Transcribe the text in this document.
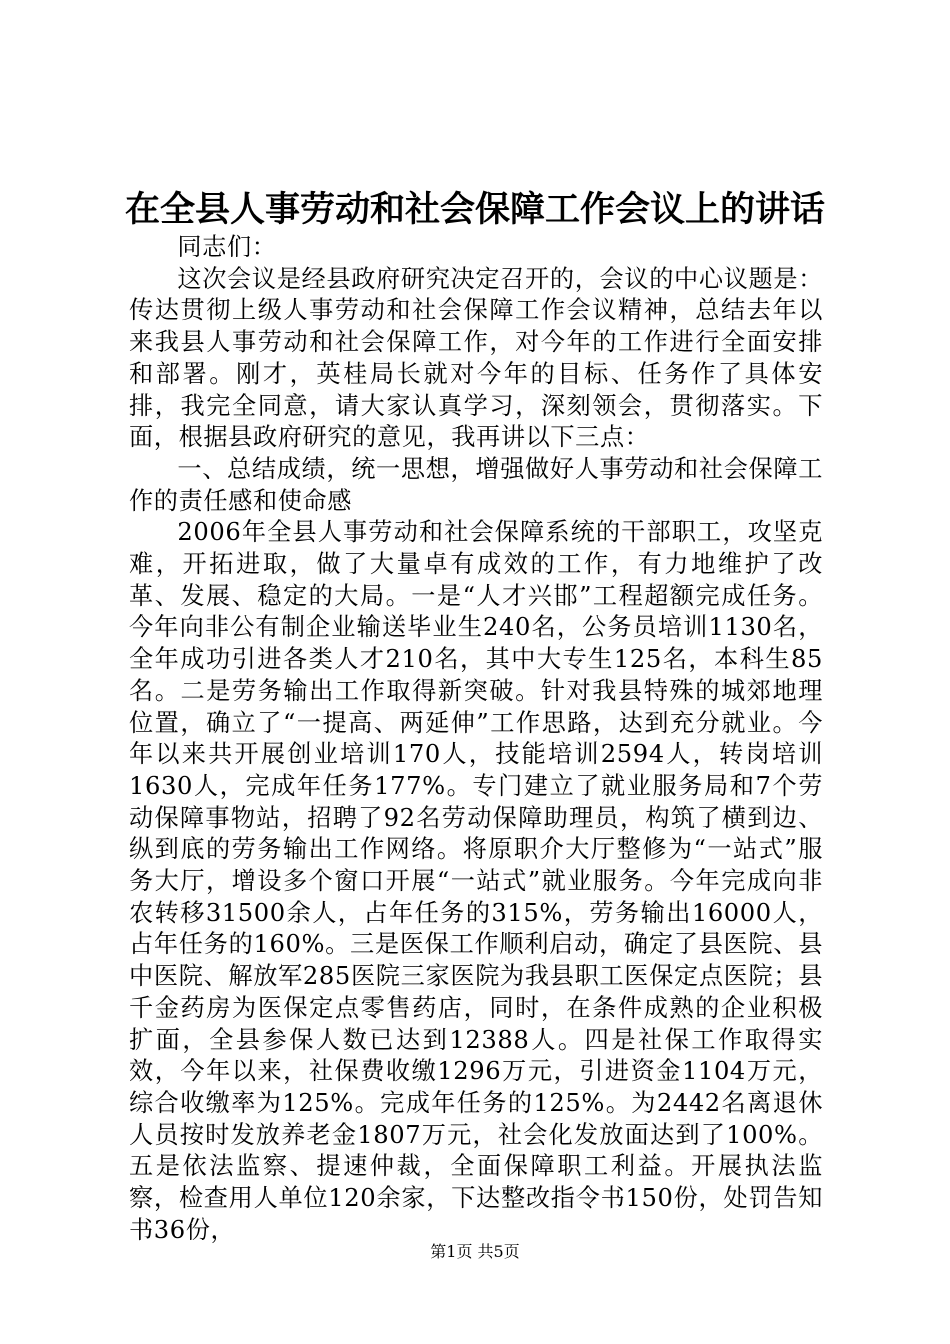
在全县人事劳动和社会保障工作会议上的讲话

同志们：

这次会议是经县政府研究决定召开的，会议的中心议题是：传达贯彻上级人事劳动和社会保障工作会议精神，总结去年以来我县人事劳动和社会保障工作，对今年的工作进行全面安排和部署。刚才，英桂局长就对今年的目标、任务作了具体安排，我完全同意，请大家认真学习，深刻领会，贯彻落实。下面，根据县政府研究的意见，我再讲以下三点：

一、总结成绩，统一思想，增强做好人事劳动和社会保障工作的责任感和使命感

2006年全县人事劳动和社会保障系统的干部职工，攻坚克难，开拓进取，做了大量卓有成效的工作，有力地维护了改革、发展、稳定的大局。一是“人才兴邯”工程超额完成任务。今年向非公有制企业输送毕业生240名，公务员培训1130名，全年成功引进各类人才210名，其中大专生125名，本科生85名。二是劳务输出工作取得新突破。针对我县特殊的城郊地理位置，确立了“一提高、两延伸”工作思路，达到充分就业。今年以来共开展创业培训170人，技能培训2594人，转岗培训1630人，完成年任务177%。专门建立了就业服务局和7个劳动保障事物站，招聘了92名劳动保障助理员，构筑了横到边、纵到底的劳务输出工作网络。将原职介大厅整修为“一站式”服务大厅，增设多个窗口开展“一站式”就业服务。今年完成向非农转移31500余人，占年任务的315%，劳务输出16000人，占年任务的160%。三是医保工作顺利启动，确定了县医院、县中医院、解放军285医院三家医院为我县职工医保定点医院；县千金药房为医保定点零售药店，同时，在条件成熟的企业积极扩面，全县参保人数已达到12388人。四是社保工作取得实效，今年以来，社保费收缴1296万元，引进资金1104万元，综合收缴率为125%。完成年任务的125%。为2442名离退休人员按时发放养老金1807万元，社会化发放面达到了100%。五是依法监察、提速仲裁，全面保障职工利益。开展执法监察，检查用人单位120余家，下达整改指令书150份，处罚告知书36份，

第1页 共5页
